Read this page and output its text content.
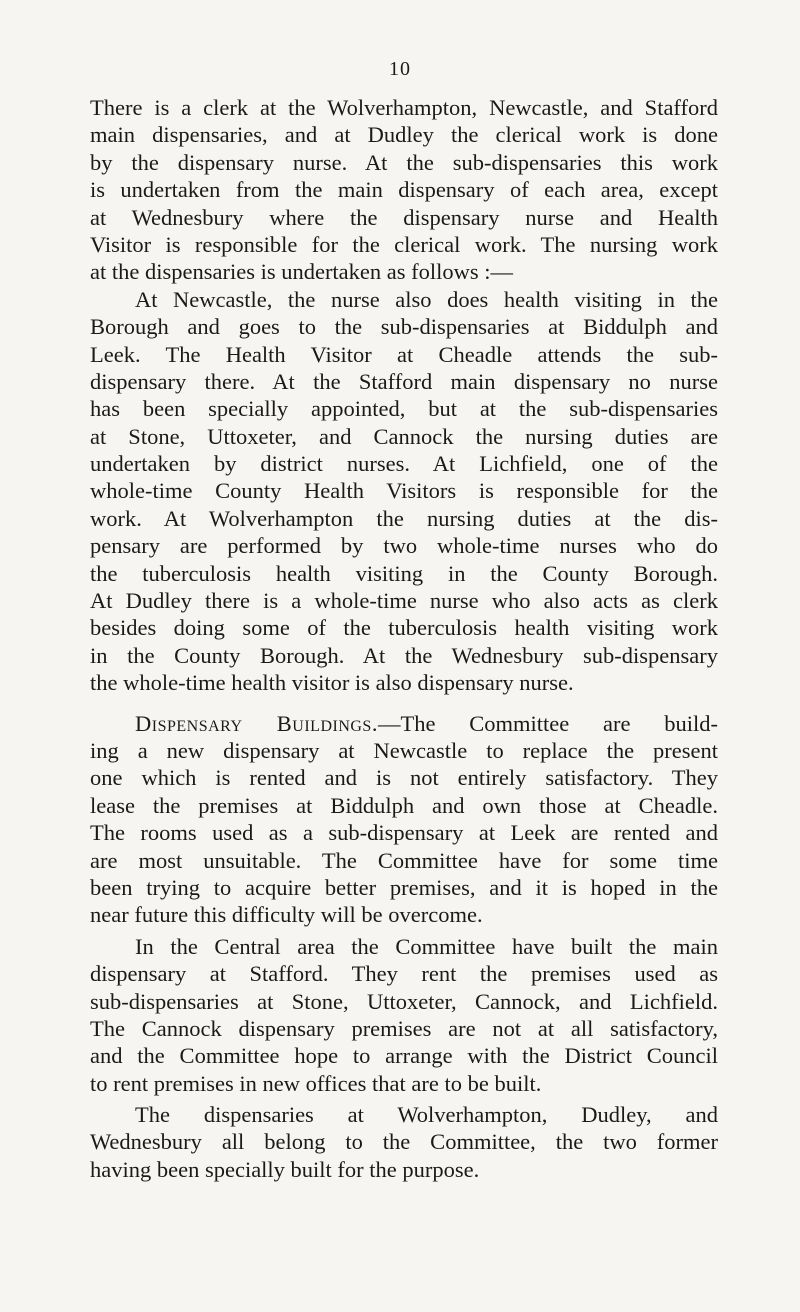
10
There is a clerk at the Wolverhampton, Newcastle, and Stafford
main dispensaries, and at Dudley the clerical work is done
by the dispensary nurse. At the sub-dispensaries this work
is undertaken from the main dispensary of each area, except
at Wednesbury where the dispensary nurse and Health
Visitor is responsible for the clerical work. The nursing work
at the dispensaries is undertaken as follows :—
At Newcastle, the nurse also does health visiting in the
Borough and goes to the sub-dispensaries at Biddulph and
Leek. The Health Visitor at Cheadle attends the sub-
dispensary there. At the Stafford main dispensary no nurse
has been specially appointed, but at the sub-dispensaries
at Stone, Uttoxeter, and Cannock the nursing duties are
undertaken by district nurses. At Lichfield, one of the
whole-time County Health Visitors is responsible for the
work. At Wolverhampton the nursing duties at the dis-
pensary are performed by two whole-time nurses who do
the tuberculosis health visiting in the County Borough.
At Dudley there is a whole-time nurse who also acts as clerk
besides doing some of the tuberculosis health visiting work
in the County Borough. At the Wednesbury sub-dispensary
the whole-time health visitor is also dispensary nurse.
Dispensary Buildings.—The Committee are build-
ing a new dispensary at Newcastle to replace the present
one which is rented and is not entirely satisfactory. They
lease the premises at Biddulph and own those at Cheadle.
The rooms used as a sub-dispensary at Leek are rented and
are most unsuitable. The Committee have for some time
been trying to acquire better premises, and it is hoped in the
near future this difficulty will be overcome.
In the Central area the Committee have built the main
dispensary at Stafford. They rent the premises used as
sub-dispensaries at Stone, Uttoxeter, Cannock, and Lichfield.
The Cannock dispensary premises are not at all satisfactory,
and the Committee hope to arrange with the District Council
to rent premises in new offices that are to be built.
The dispensaries at Wolverhampton, Dudley, and
Wednesbury all belong to the Committee, the two former
having been specially built for the purpose.
